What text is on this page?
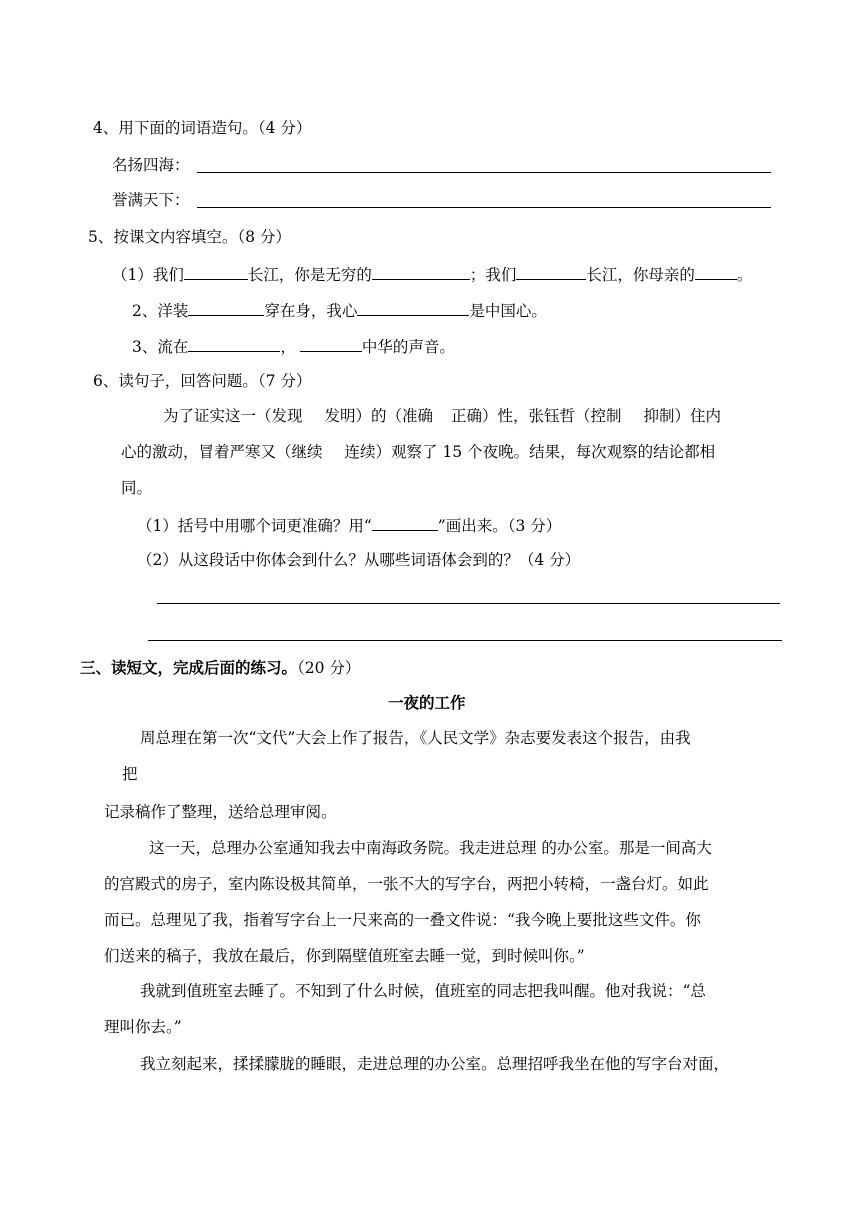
4、用下面的词语造句。（4 分）
名扬四海：
誉满天下：
5、按课文内容填空。（8 分）
（1）我们	长江，你是无穷的	；我们	长江，你母亲的	。
2、洋装	穿在身，我心	是中国心。
3、流在	，	中华的声音。
6、读句子，回答问题。（7 分）
为了证实这一（发现 发明）的（准确 正确）性，张钰哲（控制 抑制）住内
心的激动，冒着严寒又（继续 连续）观察了 15 个夜晚。结果，每次观察的结论都相
同。
（1）括号中用哪个词更准确？用“	”画出来。（3 分）
（2）从这段话中你体会到什么？从哪些词语体会到的？（4 分）
三、读短文，完成后面的练习。（20 分）
一夜的工作
周总理在第一次“文代”大会上作了报告，《人民文学》杂志要发表这个报告，由我
把
记录稿作了整理，送给总理审阅。
这一天，总理办公室通知我去中南海政务院。我走进总理 的办公室。那是一间高大
的宫殿式的房子，室内陈设极其简单，一张不大的写字台，两把小转椅，一盏台灯。如此
而已。总理见了我，指着写字台上一尺来高的一叠文件说：“我今晚上要批这些文件。你
们送来的稿子，我放在最后，你到隔壁值班室去睡一觉，到时候叫你。”
我就到值班室去睡了。不知到了什么时候，值班室的同志把我叫醒。他对我说：“总
理叫你去。”
我立刻起来，揉揉朦胧的睡眼，走进总理的办公室。总理招呼我坐在他的写字台对面，
